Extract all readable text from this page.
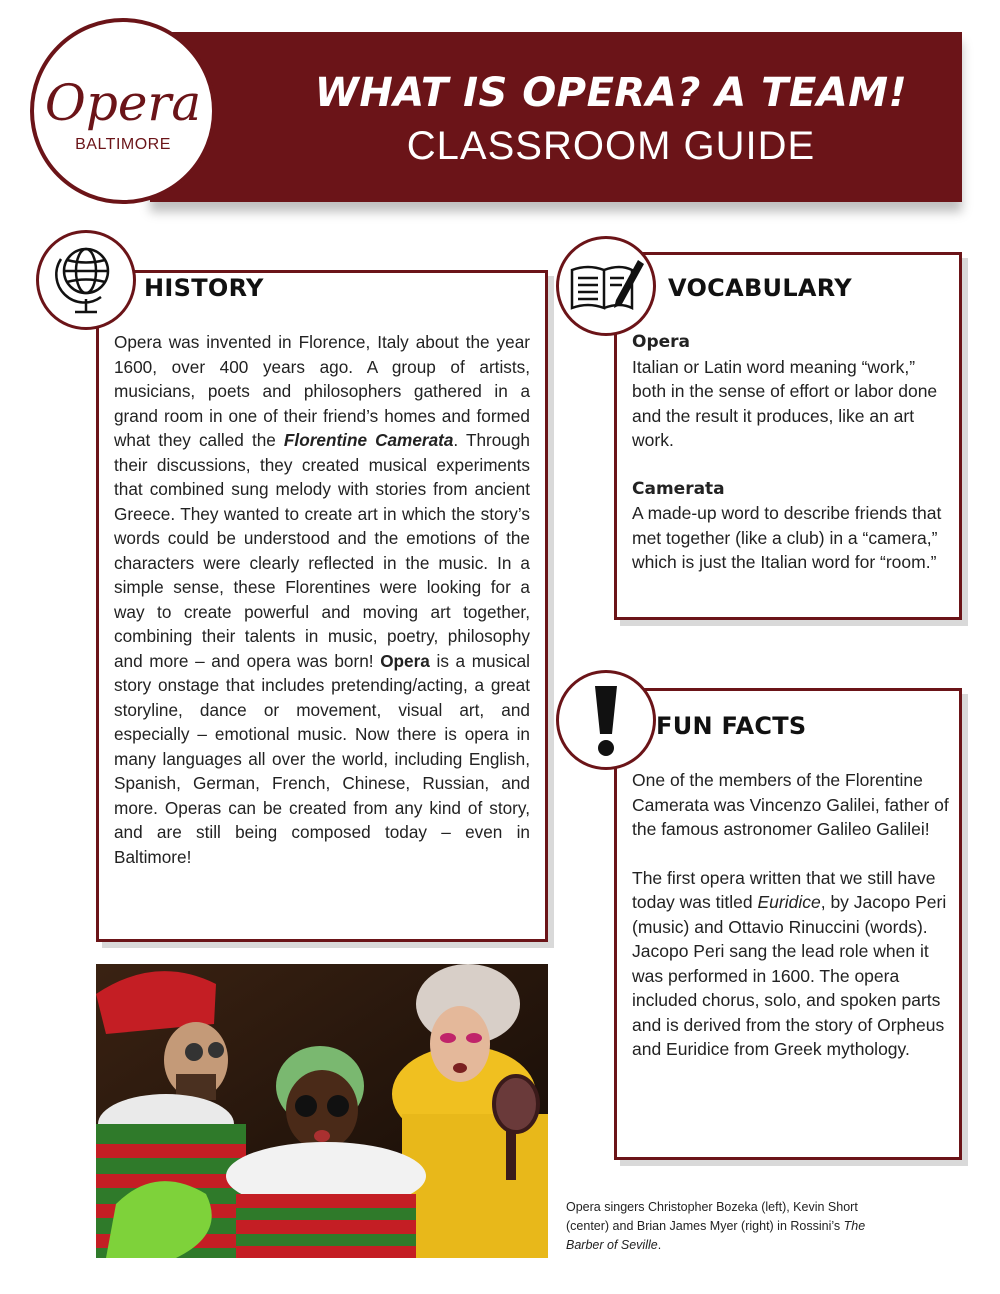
WHAT IS OPERA? A TEAM!
CLASSROOM GUIDE
Opera
BALTIMORE
HISTORY
Opera was invented in Florence, Italy about the year 1600, over 400 years ago. A group of artists, musicians, poets and philosophers gathered in a grand room in one of their friend’s homes and formed what they called the Florentine Camerata. Through their discussions, they created musical experiments that combined sung melody with stories from ancient Greece. They wanted to create art in which the story’s words could be understood and the emotions of the characters were clearly reflected in the music. In a simple sense, these Florentines were looking for a way to create powerful and moving art together, combining their talents in music, poetry, philosophy and more – and opera was born! Opera is a musical story onstage that includes pretending/acting, a great storyline, dance or movement, visual art, and especially – emotional music. Now there is opera in many languages all over the world, including English, Spanish, German, French, Chinese, Russian, and more. Operas can be created from any kind of story, and are still being composed today – even in Baltimore!
VOCABULARY

Opera

Italian or Latin word meaning “work,” both in the sense of effort or labor done and the result it produces, like an art work.

Camerata

A made-up word to describe friends that met together (like a club) in a “camera,” which is just the Italian word for “room.”

FUN FACTS

One of the members of the Florentine Camerata was Vincenzo Galilei, father of the famous astronomer Galileo Galilei!

The first opera written that we still have today was titled Euridice, by Jacopo Peri (music) and Ottavio Rinuccini (words). Jacopo Peri sang the lead role when it was performed in 1600. The opera included chorus, solo, and spoken parts and is derived from the story of Orpheus and Euridice from Greek mythology.

Opera singers Christopher Bozeka (left), Kevin Short (center) and Brian James Myer (right) in Rossini’s The Barber of Seville.
